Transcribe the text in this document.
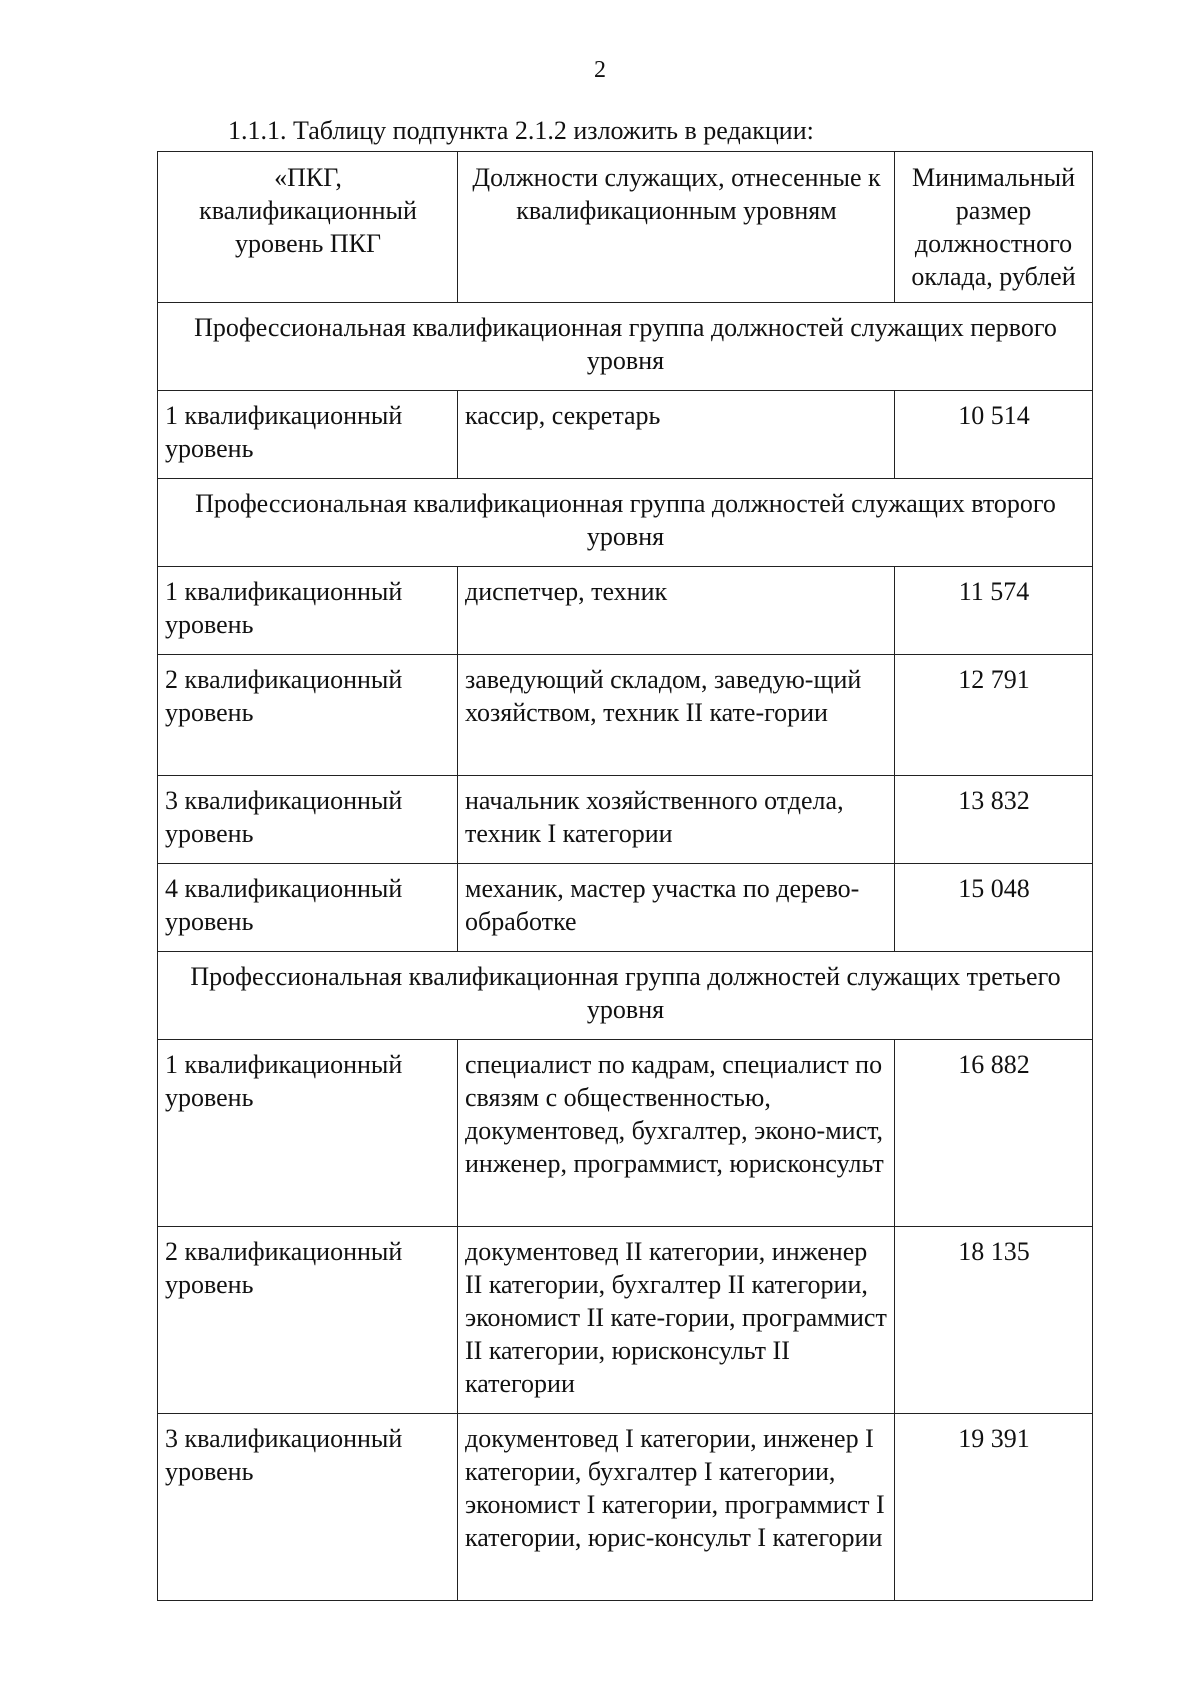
2
1.1.1. Таблицу подпункта 2.1.2 изложить в редакции:
«ПКГ, квалификационный уровень ПКГ	Должности служащих, отнесенные к квалификационным уровням	Минимальный размер должностного оклада, рублей
Профессиональная квалификационная группа должностей служащих первого уровня		
1 квалификационный уровень	кассир, секретарь	10 514
Профессиональная квалификационная группа должностей служащих второго уровня		
1 квалификационный уровень	диспетчер, техник	11 574
2 квалификационный уровень	заведующий складом, заведую-щий хозяйством, техник II кате-гории	12 791
3 квалификационный уровень	начальник хозяйственного отдела, техник I категории	13 832
4 квалификационный уровень	механик, мастер участка по дерево-обработке	15 048
Профессиональная квалификационная группа должностей служащих третьего уровня		
1 квалификационный уровень	специалист по кадрам, специалист по связям с общественностью, документовед, бухгалтер, эконо-мист, инженер, программист, юрисконсульт	16 882
2 квалификационный уровень	документовед II категории, инженер II категории, бухгалтер II категории, экономист II кате-гории, программист II категории, юрисконсульт II категории	18 135
3 квалификационный уровень	документовед I категории, инженер I категории, бухгалтер I категории, экономист I категории, программист I категории, юрис-консульт I категории	19 391
